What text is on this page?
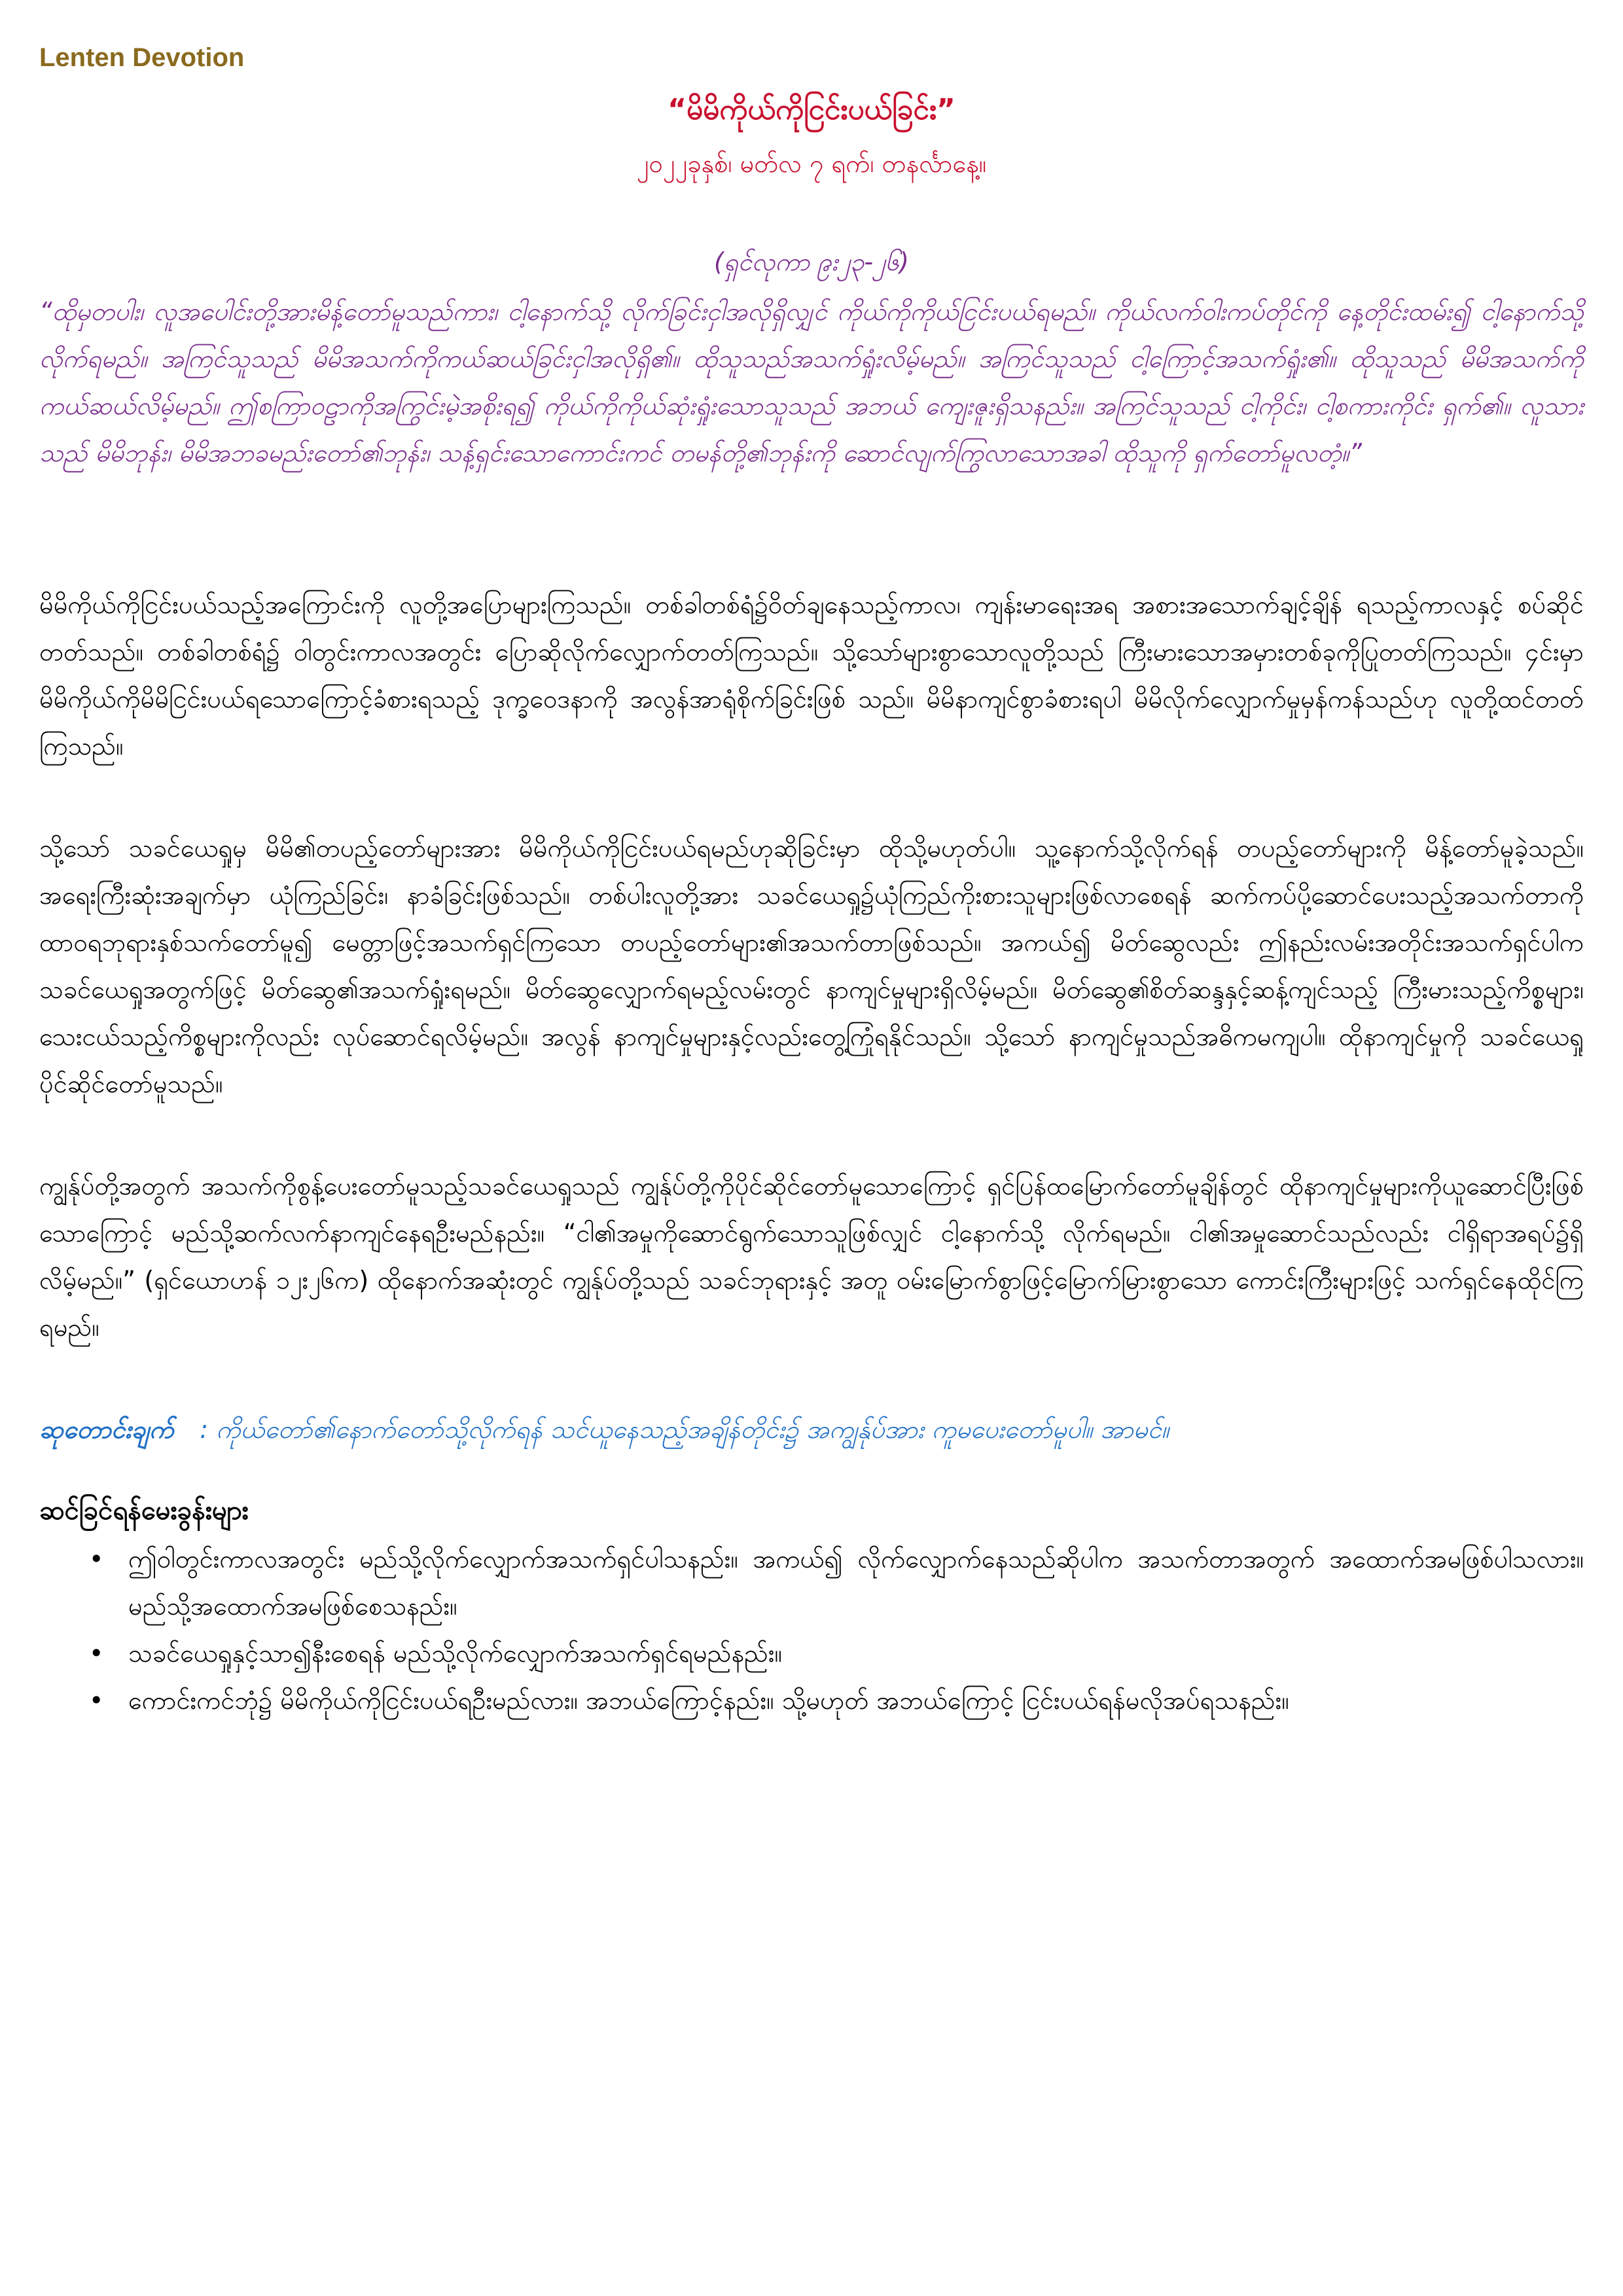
Lenten Devotion
“မိမိကိုယ်ကိုငြင်းပယ်ခြင်း”
၂၀၂၂ခုနှစ်၊ မတ်လ ၇ ရက်၊ တနင်္လာနေ့။
(ရှင်လုကာ ၉း၂၃-၂၆)
“ထိုမှတပါး၊ လူအပေါင်းတို့အားမိန့်တော်မူသည်ကား၊ ငါ့နောက်သို့ လိုက်ခြင်းငှါအလိုရှိလျှင် ကိုယ်ကိုကိုယ်ငြင်းပယ်ရမည်။ ကိုယ်လက်ဝါးကပ်တိုင်ကို နေ့တိုင်းထမ်း၍ ငါ့နောက်သို့လိုက်ရမည်။ အကြင်သူသည် မိမိအသက်ကိုကယ်ဆယ်ခြင်းငှါအလိုရှိ၏။ ထိုသူသည်အသက်ရှုံးလိမ့်မည်။ အကြင်သူသည် ငါ့ကြောင့်အသက်ရှုံး၏။ ထိုသူသည် မိမိအသက်ကိုကယ်ဆယ်လိမ့်မည်။ ဤစကြာဝဠာကိုအကြွင်းမဲ့အစိုးရ၍ ကိုယ်ကိုကိုယ်ဆုံးရှုံးသောသူသည် အဘယ် ကျေးဇူးရှိသနည်း။ အကြင်သူသည် ငါ့ကိုင်း၊ ငါ့စကားကိုင်း ရှက်၏။ လူသားသည် မိမိဘုန်း၊ မိမိအဘခမည်းတော်၏ဘုန်း၊ သန့်ရှင်းသောကောင်းကင် တမန်တို့၏ဘုန်းကို ဆောင်လျက်ကြွလာသောအခါ ထိုသူကို ရှက်တော်မူလတံ့။”
မိမိကိုယ်ကိုငြင်းပယ်သည့်အကြောင်းကို လူတို့အပြောများကြသည်။ တစ်ခါတစ်ရံ၌ဝိတ်ချနေသည့်ကာလ၊ ကျန်းမာရေးအရ အစားအသောက်ချင့်ချိန် ရသည့်ကာလနှင့် စပ်ဆိုင်တတ်သည်။ တစ်ခါတစ်ရံ၌ ဝါတွင်းကာလအတွင်း ပြောဆိုလိုက်လျှောက်တတ်ကြသည်။ သို့သော်များစွာသောလူတို့သည် ကြီးမားသောအမှားတစ်ခုကိုပြုတတ်ကြသည်။ ၄င်းမှာ မိမိကိုယ်ကိုမိမိငြင်းပယ်ရသောကြောင့်ခံစားရသည့် ဒုက္ခဝေဒနာကို အလွန်အာရုံစိုက်ခြင်းဖြစ် သည်။ မိမိနာကျင်စွာခံစားရပါ မိမိလိုက်လျှောက်မှုမှန်ကန်သည်ဟု လူတို့ထင်တတ်ကြသည်။
သို့သော် သခင်ယေရှုမှ မိမိ၏တပည့်တော်များအား မိမိကိုယ်ကိုငြင်းပယ်ရမည်ဟုဆိုခြင်းမှာ ထိုသို့မဟုတ်ပါ။ သူ့နောက်သို့လိုက်ရန် တပည့်တော်များကို မိန့်တော်မူခဲ့သည်။ အရေးကြီးဆုံးအချက်မှာ ယုံကြည်ခြင်း၊ နာခံခြင်းဖြစ်သည်။ တစ်ပါးလူတို့အား သခင်ယေရှု၌ယုံကြည်ကိုးစားသူများဖြစ်လာစေရန် ဆက်ကပ်ပို့ဆောင်ပေးသည့်အသက်တာကို ထာဝရဘုရားနှစ်သက်တော်မူ၍ မေတ္တာဖြင့်အသက်ရှင်ကြသော တပည့်တော်များ၏အသက်တာဖြစ်သည်။ အကယ်၍ မိတ်ဆွေလည်း ဤနည်းလမ်းအတိုင်းအသက်ရှင်ပါက သခင်ယေရှုအတွက်ဖြင့် မိတ်ဆွေ၏အသက်ရှုံးရမည်။ မိတ်ဆွေလျှောက်ရမည့်လမ်းတွင် နာကျင်မှုများရှိလိမ့်မည်။ မိတ်ဆွေ၏စိတ်ဆန္ဒနှင့်ဆန့်ကျင်သည့် ကြီးမားသည့်ကိစ္စများ၊ သေးငယ်သည့်ကိစ္စများကိုလည်း လုပ်ဆောင်ရလိမ့်မည်။ အလွန် နာကျင်မှုများနှင့်လည်းတွေ့ကြုံရနိုင်သည်။ သို့သော် နာကျင်မှုသည်အဓိကမကျပါ။ ထိုနာကျင်မှုကို သခင်ယေရှုပိုင်ဆိုင်တော်မူသည်။
ကျွန်ုပ်တို့အတွက် အသက်ကိုစွန့်ပေးတော်မူသည့်သခင်ယေရှုသည် ကျွန်ုပ်တို့ကိုပိုင်ဆိုင်တော်မူသောကြောင့် ရှင်ပြန်ထမြောက်တော်မူချိန်တွင် ထိုနာကျင်မှုများကိုယူဆောင်ပြီးဖြစ်သောကြောင့် မည်သို့ဆက်လက်နာကျင်နေရဦးမည်နည်း။ “ငါ၏အမှုကိုဆောင်ရွက်သောသူဖြစ်လျှင် ငါ့နောက်သို့ လိုက်ရမည်။ ငါ၏အမှုဆောင်သည်လည်း ငါရှိရာအရပ်၌ရှိလိမ့်မည်။” (ရှင်ယောဟန် ၁၂း၂၆က) ထိုနောက်အဆုံးတွင် ကျွန်ုပ်တို့သည် သခင်ဘုရားနှင့် အတူ ဝမ်းမြောက်စွာဖြင့်မြောက်မြားစွာသော ကောင်းကြီးများဖြင့် သက်ရှင်နေထိုင်ကြရမည်။
ဆုတောင်းချက် : ကိုယ်တော်၏နောက်တော်သို့လိုက်ရန် သင်ယူနေသည့်အချိန်တိုင်း၌ အကျွန်ုပ်အား ကူမပေးတော်မူပါ။ အာမင်။
ဆင်ခြင်ရန်မေးခွန်းများ
• ဤဝါတွင်းကာလအတွင်း မည်သို့လိုက်လျှောက်အသက်ရှင်ပါသနည်း။ အကယ်၍ လိုက်လျှောက်နေသည်ဆိုပါက အသက်တာအတွက် အထောက်အမဖြစ်ပါသလား။ မည်သို့အထောက်အမဖြစ်စေသနည်း။
• သခင်ယေရှုနှင့်သာ၍နီးစေရန် မည်သို့လိုက်လျှောက်အသက်ရှင်ရမည်နည်း။
• ကောင်းကင်ဘုံ၌ မိမိကိုယ်ကိုငြင်းပယ်ရဦးမည်လား။ အဘယ်ကြောင့်နည်း။ သို့မဟုတ် အဘယ်ကြောင့် ငြင်းပယ်ရန်မလိုအပ်ရသနည်း။
